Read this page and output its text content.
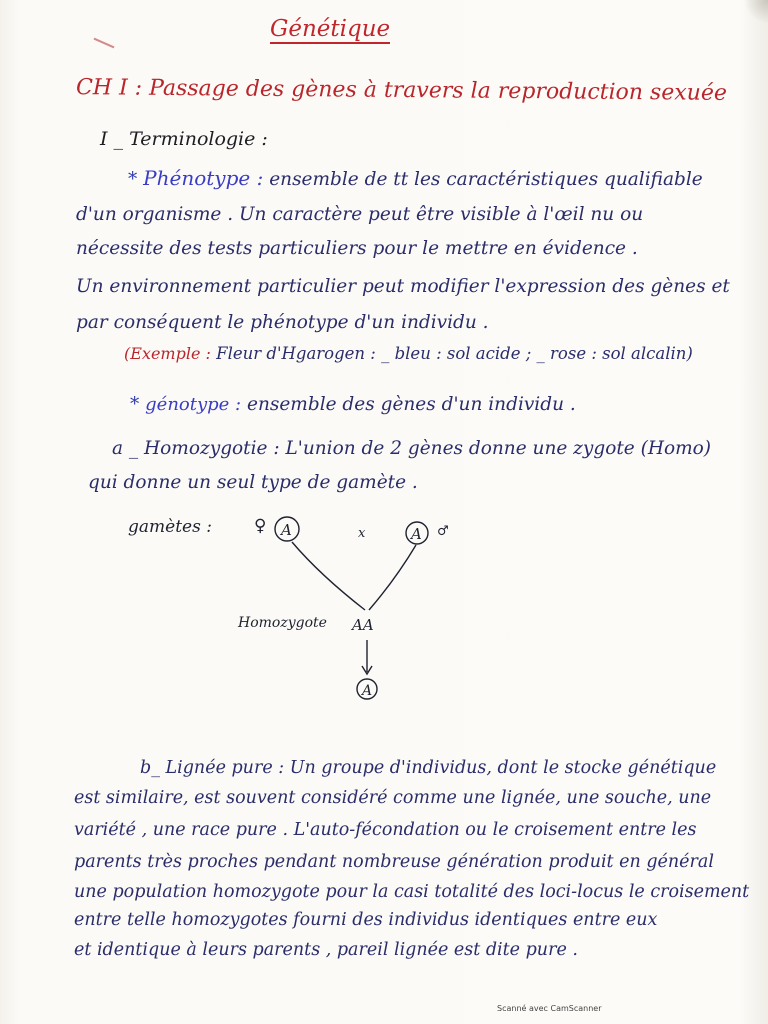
Génétique
CH I : Passage des gènes à travers la reproduction sexuée
I _ Terminologie :
* Phénotype : ensemble de tt les caractéristiques qualifiable
d'un organisme . Un caractère peut être visible à l'œil nu ou
nécessite des tests particuliers pour le mettre en évidence .
Un environnement particulier peut modifier l'expression des gènes et
par conséquent le phénotype d'un individu .
(Exemple : Fleur d'Hgarogen : _ bleu : sol acide ; _ rose : sol alcalin)
* génotype : ensemble des gènes d'un individu .
a _ Homozygotie : L'union de 2 gènes donne une zygote (Homo)
qui donne un seul type de gamète .
gamètes : ♀ A	x	A ♂
Homozygote AA
A
b_ Lignée pure : Un groupe d'individus, dont le stocke génétique
est similaire, est souvent considéré comme une lignée, une souche, une
variété , une race pure . L'auto-fécondation ou le croisement entre les
parents très proches pendant nombreuse génération produit en général
une population homozygote pour la casi totalité des loci-locus le croisement
entre telle homozygotes fourni des individus identiques entre eux
et identique à leurs parents , pareil lignée est dite pure .
Scanné avec CamScanner
